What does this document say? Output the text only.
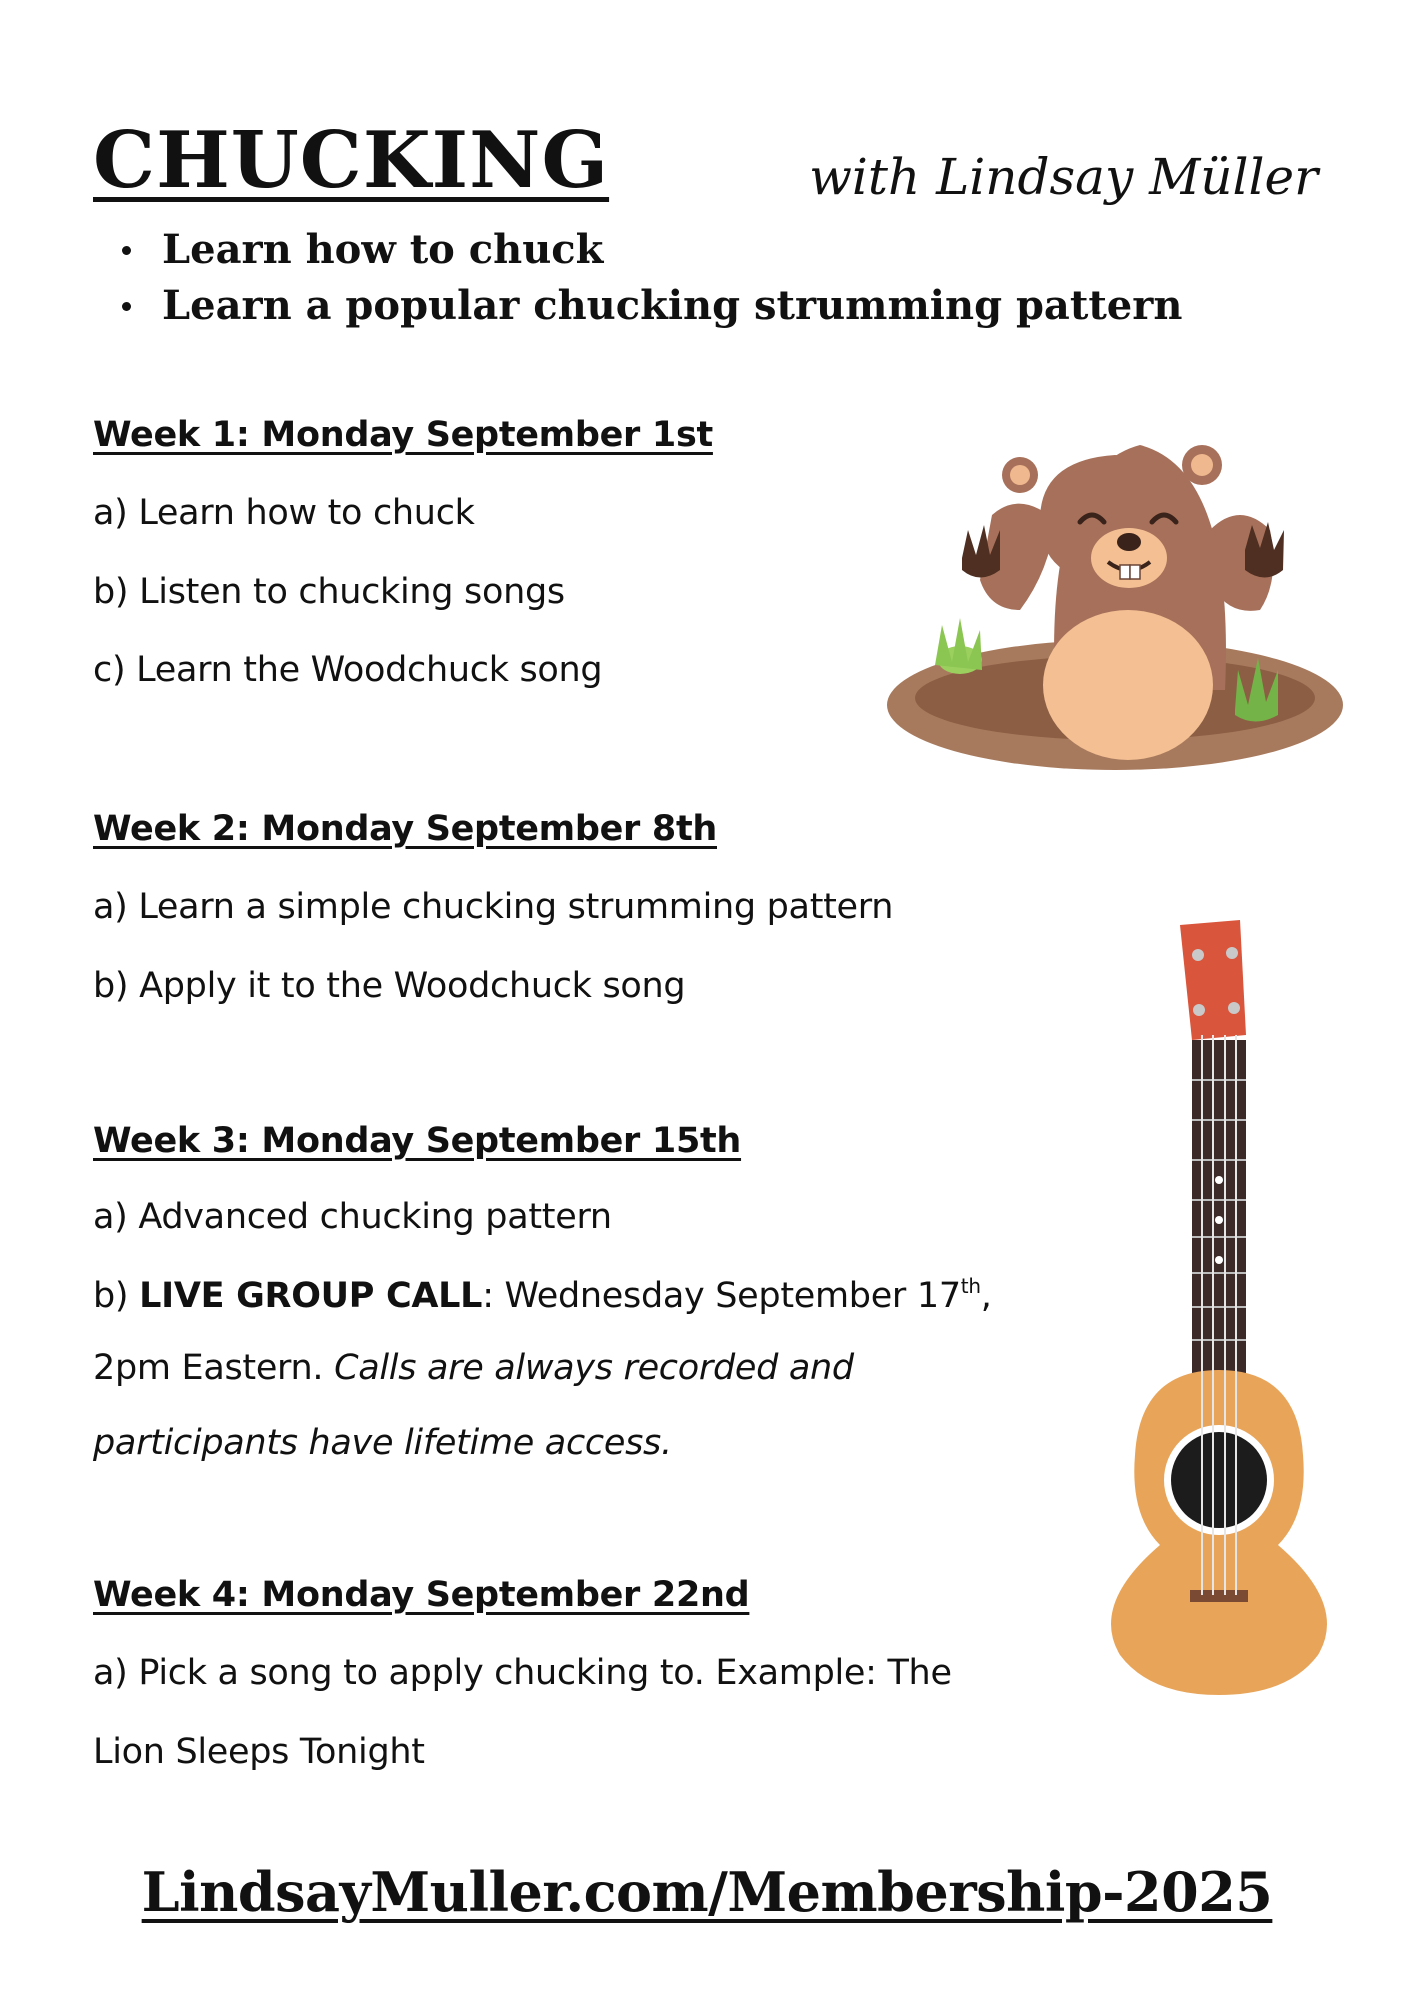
CHUCKING	with Lindsay Müller
Learn how to chuck
Learn a popular chucking strumming pattern
Week 1: Monday September 1st
a) Learn how to chuck
b) Listen to chucking songs
c) Learn the Woodchuck song
Week 2: Monday September 8th
a) Learn a simple chucking strumming pattern
b) Apply it to the Woodchuck song
Week 3: Monday September 15th
a) Advanced chucking pattern
b) LIVE GROUP CALL: Wednesday September 17th,
2pm Eastern. Calls are always recorded and
participants have lifetime access.
Week 4: Monday September 22nd
a) Pick a song to apply chucking to. Example: The
Lion Sleeps Tonight
LindsayMuller.com/Membership-2025
